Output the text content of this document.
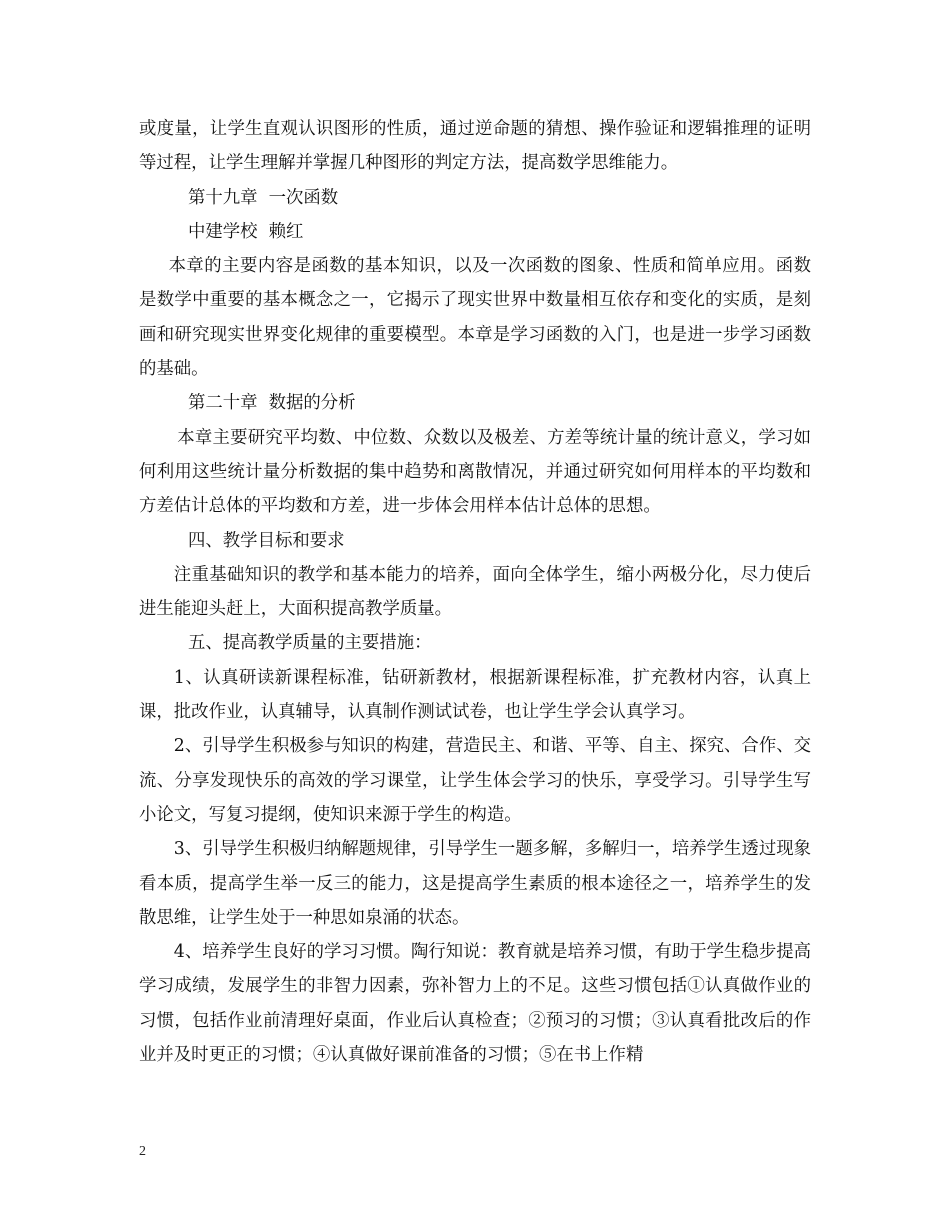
或度量，让学生直观认识图形的性质，通过逆命题的猜想、操作验证和逻辑推理的证明等过程，让学生理解并掌握几种图形的判定方法，提高数学思维能力。

第十九章  一次函数

中建学校  赖红

本章的主要内容是函数的基本知识，以及一次函数的图象、性质和简单应用。函数是数学中重要的基本概念之一，它揭示了现实世界中数量相互依存和变化的实质，是刻画和研究现实世界变化规律的重要模型。本章是学习函数的入门，也是进一步学习函数的基础。

第二十章  数据的分析

本章主要研究平均数、中位数、众数以及极差、方差等统计量的统计意义，学习如何利用这些统计量分析数据的集中趋势和离散情况，并通过研究如何用样本的平均数和方差估计总体的平均数和方差，进一步体会用样本估计总体的思想。

四、教学目标和要求

注重基础知识的教学和基本能力的培养，面向全体学生，缩小两极分化，尽力使后进生能迎头赶上，大面积提高教学质量。

五、提高教学质量的主要措施：

1、认真研读新课程标准，钻研新教材，根据新课程标准，扩充教材内容，认真上课，批改作业，认真辅导，认真制作测试试卷，也让学生学会认真学习。

2、引导学生积极参与知识的构建，营造民主、和谐、平等、自主、探究、合作、交流、分享发现快乐的高效的学习课堂，让学生体会学习的快乐，享受学习。引导学生写小论文，写复习提纲，使知识来源于学生的构造。

3、引导学生积极归纳解题规律，引导学生一题多解，多解归一，培养学生透过现象看本质，提高学生举一反三的能力，这是提高学生素质的根本途径之一，培养学生的发散思维，让学生处于一种思如泉涌的状态。

4、培养学生良好的学习习惯。陶行知说：教育就是培养习惯，有助于学生稳步提高学习成绩，发展学生的非智力因素，弥补智力上的不足。这些习惯包括①认真做作业的习惯，包括作业前清理好桌面，作业后认真检查；②预习的习惯；③认真看批改后的作业并及时更正的习惯；④认真做好课前准备的习惯；⑤在书上作精

2
